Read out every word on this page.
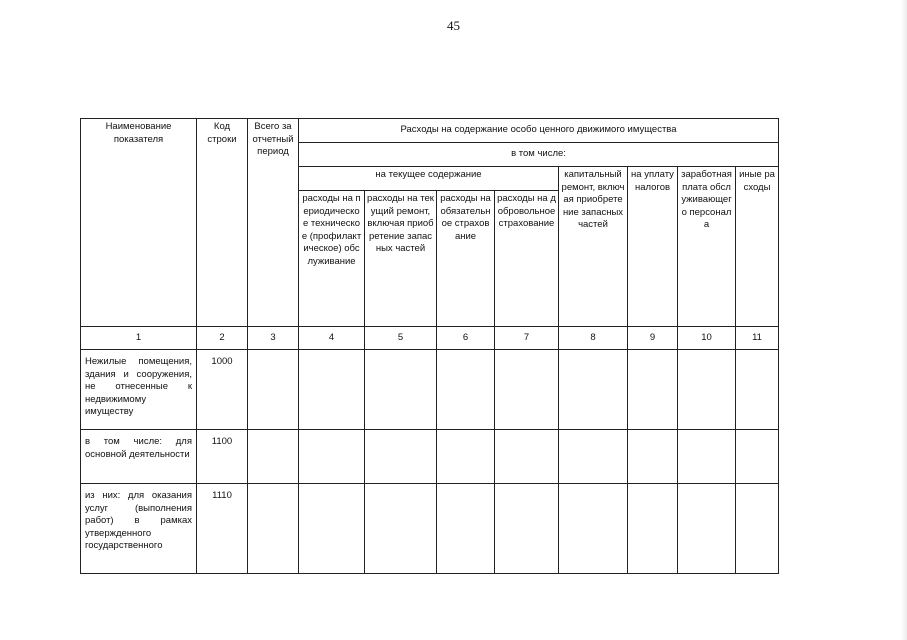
45
Наименование показателя	Код строки	Всего за отчетный период	Расходы на содержание особо ценного движимого имущества							
			в том числе:							
			на текущее содержание				капитальный ремонт, включая приобретение запасных частей	на уплату налогов	заработная плата обслуживающего персонала	иные расходы
			расходы на периодическое техническое (профилактическое) обслуживание	расходы на текущий ремонт, включая приобретение запасных частей	расходы на обязательное страхование	расходы на добровольное страхование				
1	2	3	4	5	6	7	8	9	10	11
Нежилые помещения, здания и сооружения, не отнесенные к недвижимому имуществу	1000									
в том числе: для основной деятельности	1100									
из них: для оказания услуг (выполнения работ) в рамках утвержденного государственного	1110									
